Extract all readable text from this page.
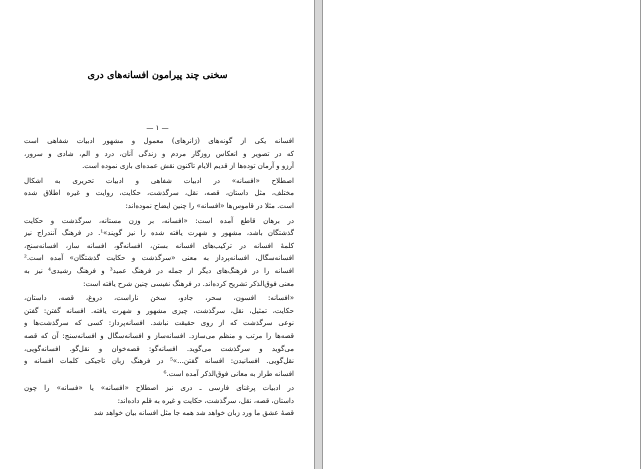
سخنی چند پیرامون افسانه‌های دری
— ۱ —

افسانه یکی از گونه‌های (ژانرهای) معمول و مشهور ادبیات شفاهی است
که در تصویر و انعکاس روزگار مردم و زندگی آنان، درد و الم، شادی و سرور،
آرزو و آرمان توده‌ها از قدیم الایام تاکنون نقش عمده‌ای بازی نموده است.

اصطلاح «افسانه» در ادبیات شفاهی و ادبیات تحریری به اشکال
مختلف، مثل داستان، قصه، نقل، سرگذشت، حکایت، روایت و غیره اطلاق شده
است. مثلا در قاموس‌ها «افسانه» را چنین ایضاح نموده‌اند:

در برهان قاطع آمده است: «افسانه، بر وزن مستانه، سرگذشت و حکایت
گذشتگان باشد، مشهور و شهرت یافته شده را نیز گویند»¹. در فرهنگ آنندراج نیز
کلمهٔ افسانه در ترکیب‌های افسانه بستن، افسانه‌گو، افسانه ساز، افسانه‌سنج،
افسانه‌سگال، افسانه‌پرداز به معنی «سرگذشت و حکایت گذشتگان» آمده است.²
افسانه را در فرهنگ‌های دیگر از جمله در فرهنگ عمید³ و فرهنگ رشیدی⁴ نیز به
معنی فوق‌الذکر تشریح کرده‌اند. در فرهنگ نفیسی چنین شرح یافته است:

«افسانه: افسون، سحر، جادو، سخن ناراست، دروغ، قصه، داستان،
حکایت، تمثیل، نقل، سرگذشت، چیزی مشهور و شهرت یافته. افسانه گفتن: گفتن
نوعی سرگذشت که از روی حقیقت نباشد. افسانه‌پرداز: کسی که سرگذشت‌ها و
قصه‌ها را مرتب و منظم می‌سازد. افسانه‌ساز و افسانه‌سگال و افسانه‌سنج: آن که قصه
می‌گوید و سرگذشت می‌گوید. افسانه‌گو: قصه‌خوان و نقل‌گو. افسانه‌گویی،
نقل‌گویی. افسانیدن: افسانه گفتن...»⁵ در فرهنگ زبان تاجیکی کلمات افسانه و
افسانه طراز به معانی فوق‌الذکر آمده است.⁶

در ادبیات پرغنای فارسی ـ دری نیز اصطلاح «افسانه» یا «فسانه» را چون
داستان، قصه، نقل، سرگذشت، حکایت و غیره به قلم داده‌اند:
قصهٔ عشق ما ورد زبان خواهد شد همه جا مثل افسانه بیان خواهد شد
